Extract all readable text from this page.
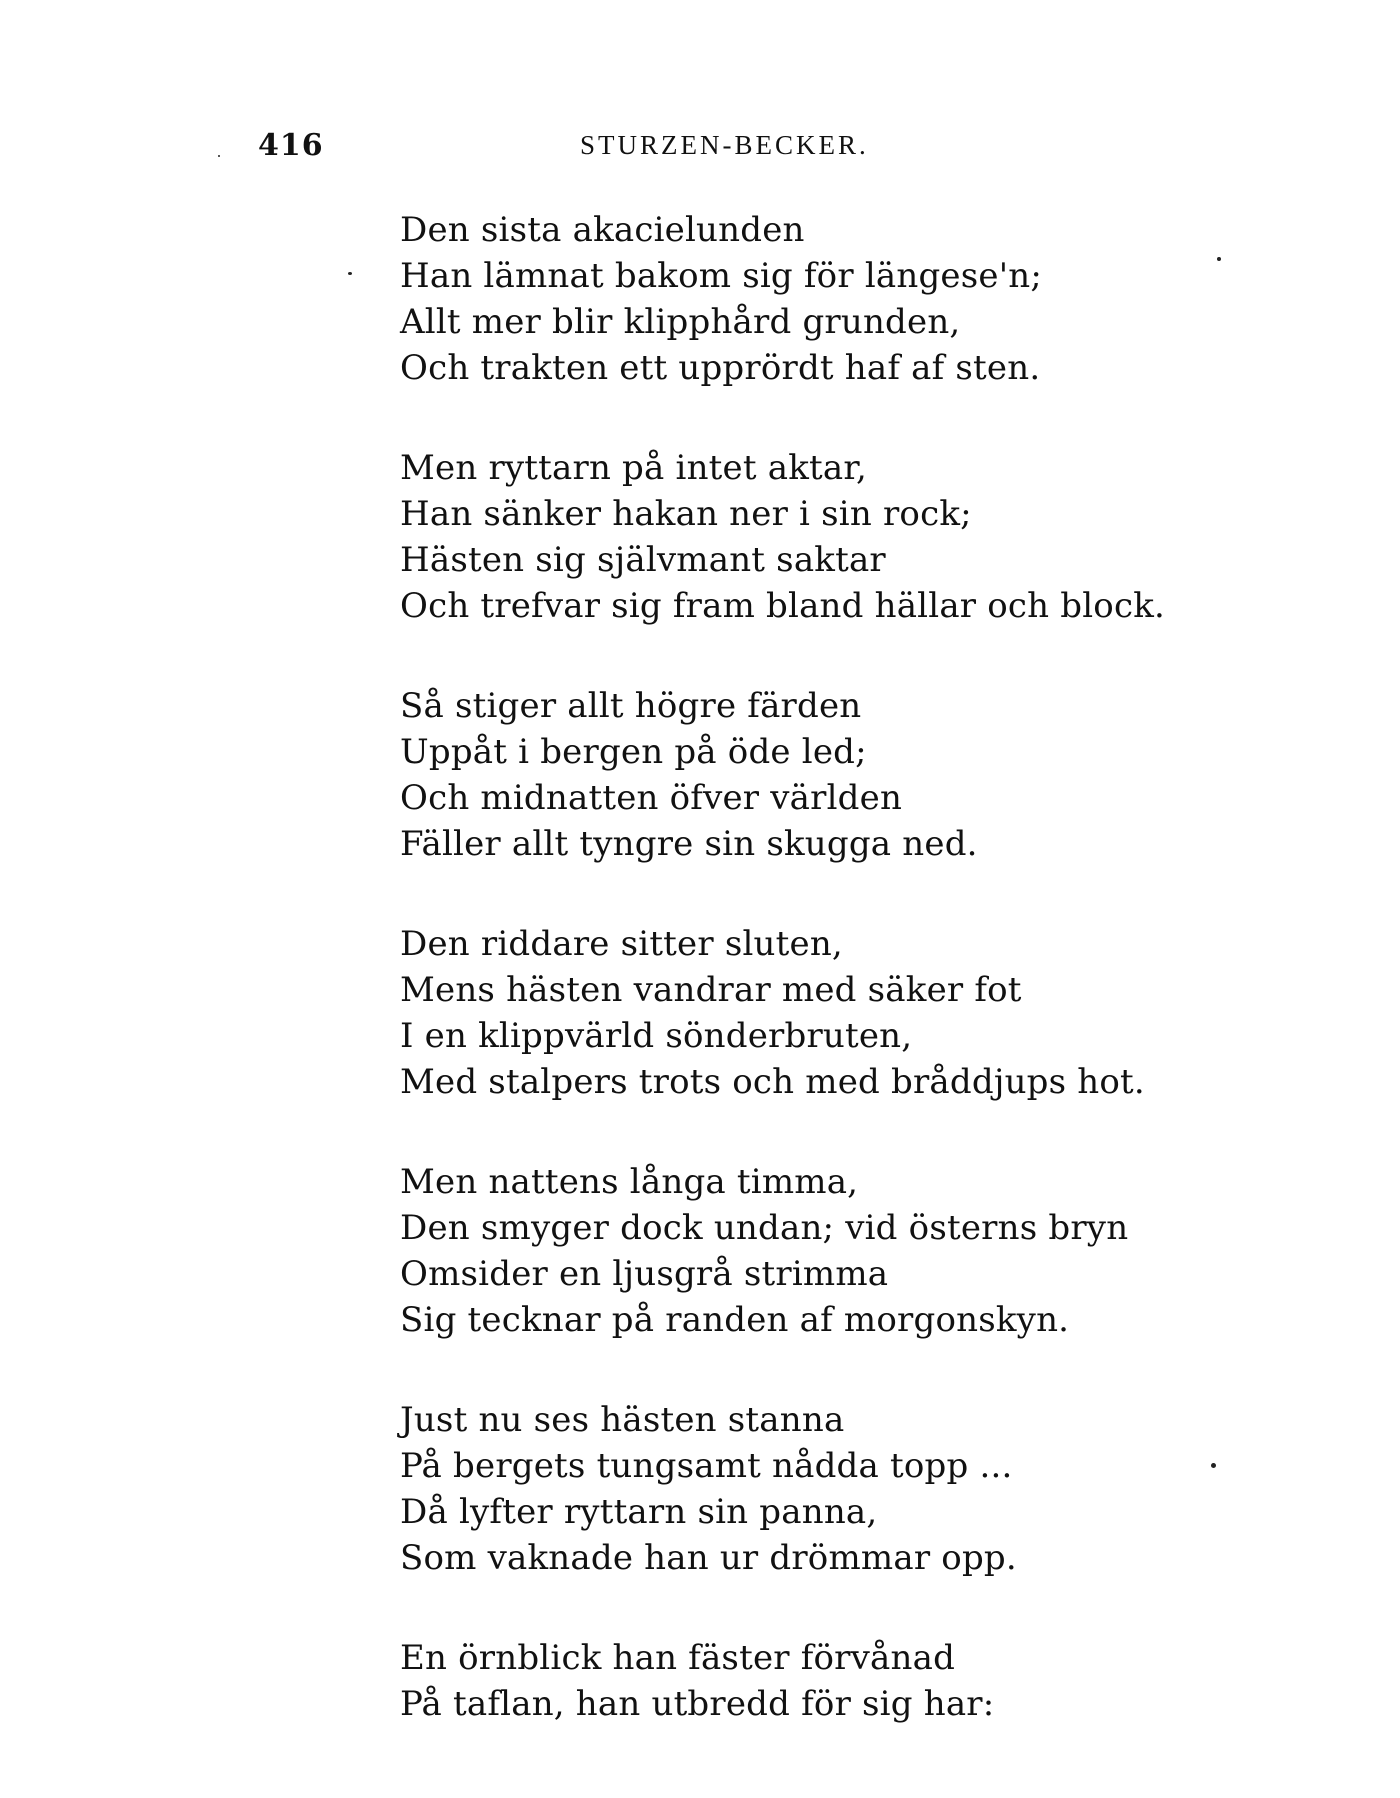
416	STURZEN-BECKER.
Den sista akacielunden
Han lämnat bakom sig för längese'n;
Allt mer blir klipphård grunden,
Och trakten ett upprördt haf af sten.
Men ryttarn på intet aktar,
Han sänker hakan ner i sin rock;
Hästen sig självmant saktar
Och trefvar sig fram bland hällar och block.
Så stiger allt högre färden
Uppåt i bergen på öde led;
Och midnatten öfver världen
Fäller allt tyngre sin skugga ned.
Den riddare sitter sluten,
Mens hästen vandrar med säker fot
I en klippvärld sönderbruten,
Med stalpers trots och med bråddjups hot.
Men nattens långa timma,
Den smyger dock undan; vid österns bryn
Omsider en ljusgrå strimma
Sig tecknar på randen af morgonskyn.
Just nu ses hästen stanna
På bergets tungsamt nådda topp ...
Då lyfter ryttarn sin panna,
Som vaknade han ur drömmar opp.
En örnblick han fäster förvånad
På taflan, han utbredd för sig har:
